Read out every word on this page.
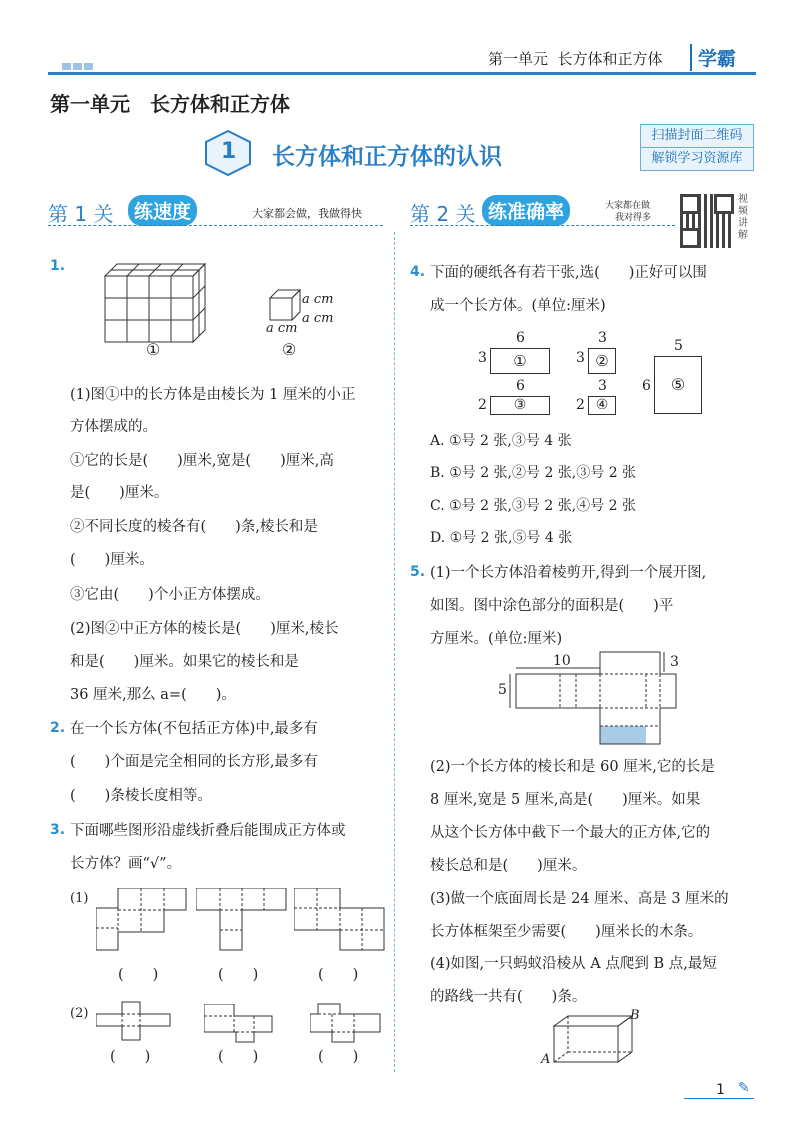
第一单元  长方体和正方体	学霸
第一单元　长方体和正方体
1 长方体和正方体的认识
扫描封面二维码
解锁学习资源库
第 1 关	练速度	大家都会做，我做得快 第 2 关 练准确率	大家都在做
我对得多
视频讲解
1.
①
a cm
a cm
a cm
②
(1)图①中的长方体是由棱长为 1 厘米的小正
方体摆成的。
①它的长是(　　)厘米,宽是(　　)厘米,高
是(　　)厘米。
②不同长度的棱各有(　　)条,棱长和是
(　　)厘米。
③它由(　　)个小正方体摆成。
(2)图②中正方体的棱长是(　　)厘米,棱长
和是(　　)厘米。如果它的棱长和是
36 厘米,那么 a=(　　)。
2. 在一个长方体(不包括正方体)中,最多有
(　　)个面是完全相同的长方形,最多有
(　　)条棱长度相等。
3. 下面哪些图形沿虚线折叠后能围成正方体或
长方体？画“√”。
(1)
(　　)	(　　)	(　　)
(2)
(　　)	(　　)	(　　)
4. 下面的硬纸各有若干张,选(　　)正好可以围
成一个长方体。(单位:厘米)
6
3	①
3
3 ②
6
2	③
3
2 ④
5
6	⑤
A. ①号 2 张,③号 4 张
B. ①号 2 张,②号 2 张,③号 2 张
C. ①号 2 张,③号 2 张,④号 2 张
D. ①号 2 张,⑤号 4 张
5. (1)一个长方体沿着棱剪开,得到一个展开图,
如图。图中涂色部分的面积是(　　)平
方厘米。(单位:厘米)
10	3
5
(2)一个长方体的棱长和是 60 厘米,它的长是
8 厘米,宽是 5 厘米,高是(　　)厘米。如果
从这个长方体中截下一个最大的正方体,它的
棱长总和是(　　)厘米。
(3)做一个底面周长是 24 厘米、高是 3 厘米的
长方体框架至少需要(　　)厘米长的木条。
(4)如图,一只蚂蚁沿棱从 A 点爬到 B 点,最短
的路线一共有(　　)条。
B
A
1 ✎
